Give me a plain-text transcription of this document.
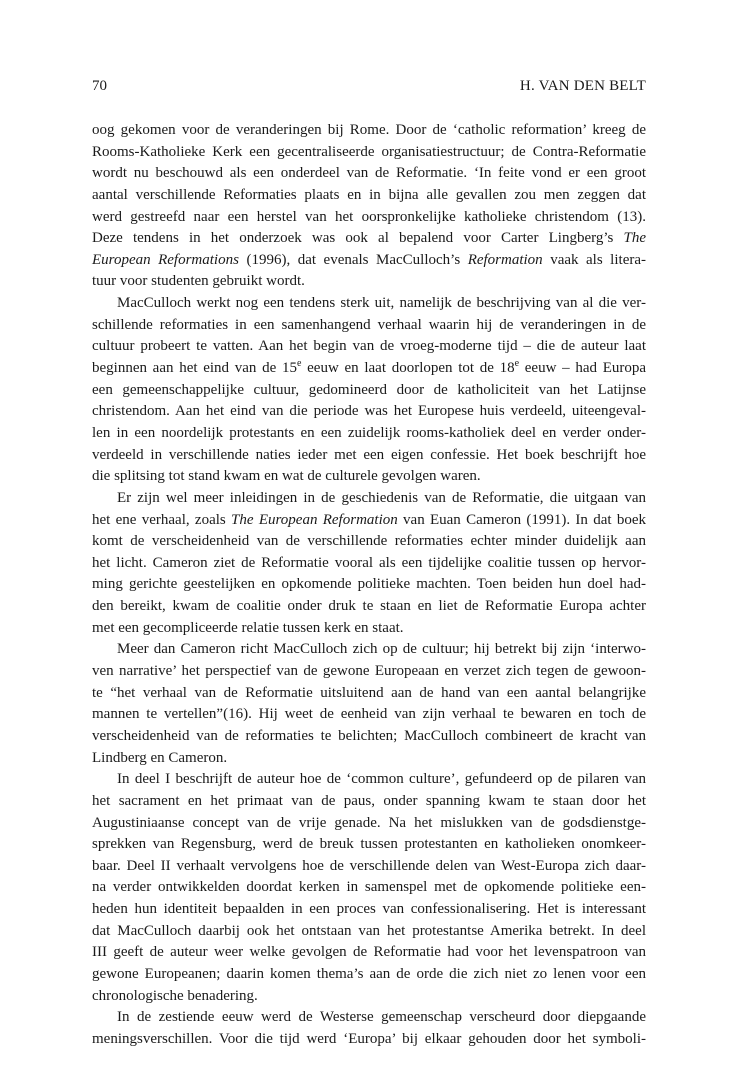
70	H. VAN DEN BELT
oog gekomen voor de veranderingen bij Rome. Door de ‘catholic reformation’ kreeg de
Rooms-Katholieke Kerk een gecentraliseerde organisatiestructuur; de Contra-Reformatie
wordt nu beschouwd als een onderdeel van de Reformatie. ‘In feite vond er een groot
aantal verschillende Reformaties plaats en in bijna alle gevallen zou men zeggen dat
werd gestreefd naar een herstel van het oorspronkelijke katholieke christendom (13).
Deze tendens in het onderzoek was ook al bepalend voor Carter Lingberg’s The
European Reformations (1996), dat evenals MacCulloch’s Reformation vaak als litera-
tuur voor studenten gebruikt wordt.
MacCulloch werkt nog een tendens sterk uit, namelijk de beschrijving van al die ver-
schillende reformaties in een samenhangend verhaal waarin hij de veranderingen in de
cultuur probeert te vatten. Aan het begin van de vroeg-moderne tijd – die de auteur laat
beginnen aan het eind van de 15e eeuw en laat doorlopen tot de 18e eeuw – had Europa
een gemeenschappelijke cultuur, gedomineerd door de katholiciteit van het Latijnse
christendom. Aan het eind van die periode was het Europese huis verdeeld, uiteengeval-
len in een noordelijk protestants en een zuidelijk rooms-katholiek deel en verder onder-
verdeeld in verschillende naties ieder met een eigen confessie. Het boek beschrijft hoe
die splitsing tot stand kwam en wat de culturele gevolgen waren.
Er zijn wel meer inleidingen in de geschiedenis van de Reformatie, die uitgaan van
het ene verhaal, zoals The European Reformation van Euan Cameron (1991). In dat boek
komt de verscheidenheid van de verschillende reformaties echter minder duidelijk aan
het licht. Cameron ziet de Reformatie vooral als een tijdelijke coalitie tussen op hervor-
ming gerichte geestelijken en opkomende politieke machten. Toen beiden hun doel had-
den bereikt, kwam de coalitie onder druk te staan en liet de Reformatie Europa achter
met een gecompliceerde relatie tussen kerk en staat.
Meer dan Cameron richt MacCulloch zich op de cultuur; hij betrekt bij zijn ‘interwo-
ven narrative’ het perspectief van de gewone Europeaan en verzet zich tegen de gewoon-
te “het verhaal van de Reformatie uitsluitend aan de hand van een aantal belangrijke
mannen te vertellen”(16). Hij weet de eenheid van zijn verhaal te bewaren en toch de
verscheidenheid van de reformaties te belichten; MacCulloch combineert de kracht van
Lindberg en Cameron.
In deel I beschrijft de auteur hoe de ‘common culture’, gefundeerd op de pilaren van
het sacrament en het primaat van de paus, onder spanning kwam te staan door het
Augustiniaanse concept van de vrije genade. Na het mislukken van de godsdienstge-
sprekken van Regensburg, werd de breuk tussen protestanten en katholieken onomkeer-
baar. Deel II verhaalt vervolgens hoe de verschillende delen van West-Europa zich daar-
na verder ontwikkelden doordat kerken in samenspel met de opkomende politieke een-
heden hun identiteit bepaalden in een proces van confessionalisering. Het is interessant
dat MacCulloch daarbij ook het ontstaan van het protestantse Amerika betrekt. In deel
III geeft de auteur weer welke gevolgen de Reformatie had voor het levenspatroon van
gewone Europeanen; daarin komen thema’s aan de orde die zich niet zo lenen voor een
chronologische benadering.
In de zestiende eeuw werd de Westerse gemeenschap verscheurd door diepgaande
meningsverschillen. Voor die tijd werd ‘Europa’ bij elkaar gehouden door het symboli-
